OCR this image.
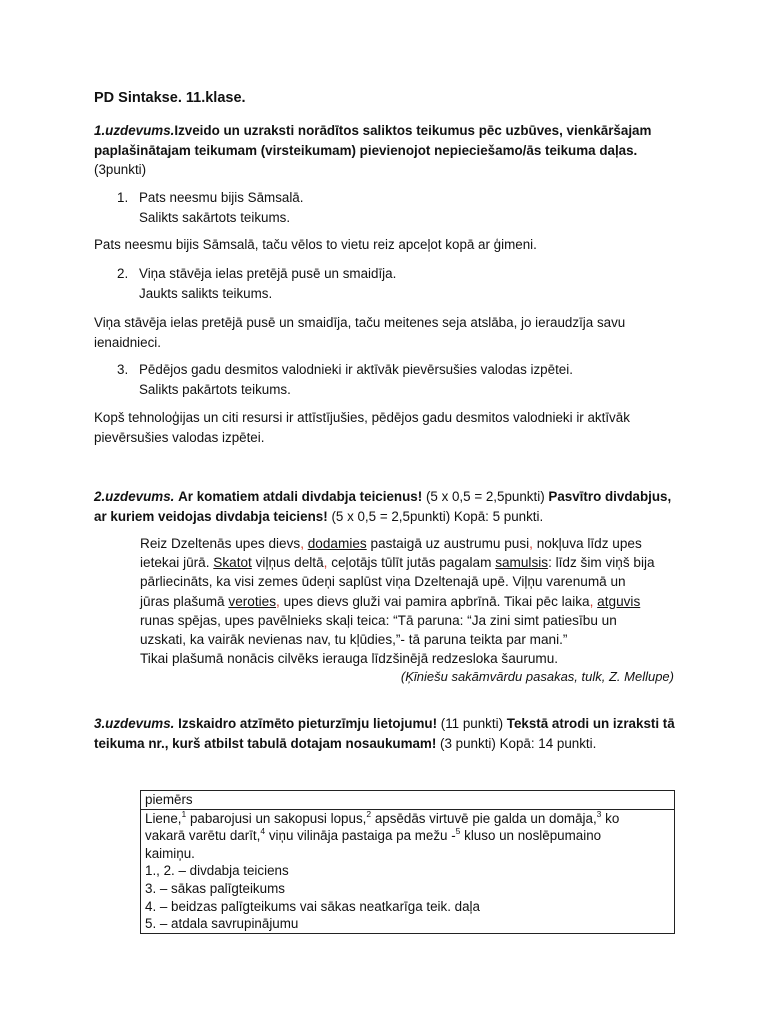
PD Sintakse. 11.klase.

1.uzdevums.Izveido un uzraksti norādītos saliktos teikumus pēc uzbūves, vienkāršajam paplašinātajam teikumam (virsteikumam) pievienojot nepieciešamo/ās teikuma daļas.
(3punkti)

1. Pats neesmu bijis Sāmsalā.
Salikts sakārtots teikums.

Pats neesmu bijis Sāmsalā, taču vēlos to vietu reiz apceļot kopā ar ģimeni.

2. Viņa stāvēja ielas pretējā pusē un smaidīja.
Jaukts salikts teikums.

Viņa stāvēja ielas pretējā pusē un smaidīja, taču meitenes seja atslāba, jo ieraudzīja savu ienaidnieci.

3. Pēdējos gadu desmitos valodnieki ir aktīvāk pievērsušies valodas izpētei.
Salikts pakārtots teikums.

Kopš tehnoloģijas un citi resursi ir attīstījušies, pēdējos gadu desmitos valodnieki ir aktīvāk pievērsušies valodas izpētei.

2.uzdevums. Ar komatiem atdali divdabja teicienus! (5 x 0,5 = 2,5punkti) Pasvītro divdabjus, ar kuriem veidojas divdabja teiciens! (5 x 0,5 = 2,5punkti) Kopā: 5 punkti.

Reiz Dzeltenās upes dievs, dodamies pastaigā uz austrumu pusi, nokļuva līdz upes
ietekai jūrā. Skatot viļņus deltā, ceļotājs tūlīt jutās pagalam samulsis: līdz šim viņš bija
pārliecināts, ka visi zemes ūdeņi saplūst viņa Dzeltenajā upē. Viļņu varenumā un
jūras plašumā veroties, upes dievs gluži vai pamira apbrīnā. Tikai pēc laika, atguvis
runas spējas, upes pavēlnieks skaļi teica: “Tā paruna: “Ja zini simt patiesību un
uzskati, ka vairāk nevienas nav, tu kļūdies,”- tā paruna teikta par mani.”
Tikai plašumā nonācis cilvēks ierauga līdzšinējā redzesloka šaurumu.
(Ķīniešu sakāmvārdu pasakas, tulk, Z. Mellupe)

3.uzdevums. Izskaidro atzīmēto pieturzīmju lietojumu! (11 punkti) Tekstā atrodi un izraksti tā teikuma nr., kurš atbilst tabulā dotajam nosaukumam! (3 punkti) Kopā: 14 punkti.

piemērs

Liene,$^1$ pabarojusi un sakopusi lopus,$^2$ apsēdās virtuvē pie galda un domāja,$^3$ ko
vakarā varētu darīt,$^4$ viņu vilināja pastaiga pa mežu -$^5$ kluso un noslēpumaino
kaimiņu.
1., 2. – divdabja teiciens
3. – sākas palīgteikums
4. – beidzas palīgteikums vai sākas neatkarīga teik. daļa
5. – atdala savrupinājumu
